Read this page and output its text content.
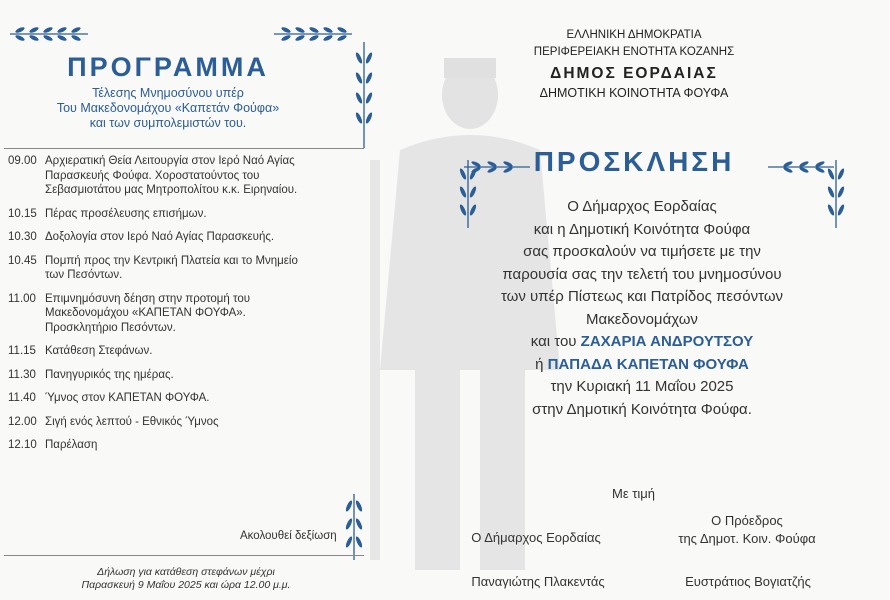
ΠΡΟΓΡΑΜΜΑ
Τέλεσης Μνημοσύνου υπέρ
Του Μακεδονομάχου «Καπετάν Φούφα»
και των συμπολεμιστών του.
09.00 Αρχιερατική Θεία Λειτουργία στον Ιερό Ναό Αγίας
Παρασκευής Φούφα. Χοροστατούντος του
Σεβασμιοτάτου μας Μητροπολίτου κ.κ. Ειρηναίου.
10.15 Πέρας προσέλευσης επισήμων.
10.30 Δοξολογία στον Ιερό Ναό Αγίας Παρασκευής.
10.45 Πομπή προς την Κεντρική Πλατεία και το Μνημείο
των Πεσόντων.
11.00 Επιμνημόσυνη δέηση στην προτομή του
Μακεδονομάχου «ΚΑΠΕΤΑΝ ΦΟΥΦΑ».
Προσκλητήριο Πεσόντων.
11.15 Κατάθεση Στεφάνων.
11.30 Πανηγυρικός της ημέρας.
11.40 Ύμνος στον ΚΑΠΕΤΑΝ ΦΟΥΦΑ.
12.00 Σιγή ενός λεπτού - Εθνικός Ύμνος
12.10 Παρέλαση
Ακολουθεί δεξίωση
Δήλωση για κατάθεση στεφάνων μέχρι
Παρασκευή 9 Μαΐου 2025 και ώρα 12.00 μ.μ.
ΕΛΛΗΝΙΚΗ ΔΗΜΟΚΡΑΤΙΑ
ΠΕΡΙΦΕΡΕΙΑΚΗ ΕΝΟΤΗΤΑ ΚΟΖΑΝΗΣ
ΔΗΜΟΣ ΕΟΡΔΑΙΑΣ
ΔΗΜΟΤΙΚΗ ΚΟΙΝΟΤΗΤΑ ΦΟΥΦΑ
ΠΡΟΣΚΛΗΣΗ
Ο Δήμαρχος Εορδαίας
και η Δημοτική Κοινότητα Φούφα
σας προσκαλούν να τιμήσετε με την
παρουσία σας την τελετή του μνημοσύνου
των υπέρ Πίστεως και Πατρίδος πεσόντων
Μακεδονομάχων
και του ΖΑΧΑΡΙΑ ΑΝΔΡΟΥΤΣΟΥ
ή ΠΑΠΑΔΑ ΚΑΠΕΤΑΝ ΦΟΥΦΑ
την Κυριακή 11 Μαΐου 2025
στην Δημοτική Κοινότητα Φούφα.
Με τιμή
Ο Δήμαρχος Εορδαίας
Ο Πρόεδρος
της Δημοτ. Κοιν. Φούφα
Παναγιώτης Πλακεντάς	Ευστράτιος Βογιατζής
